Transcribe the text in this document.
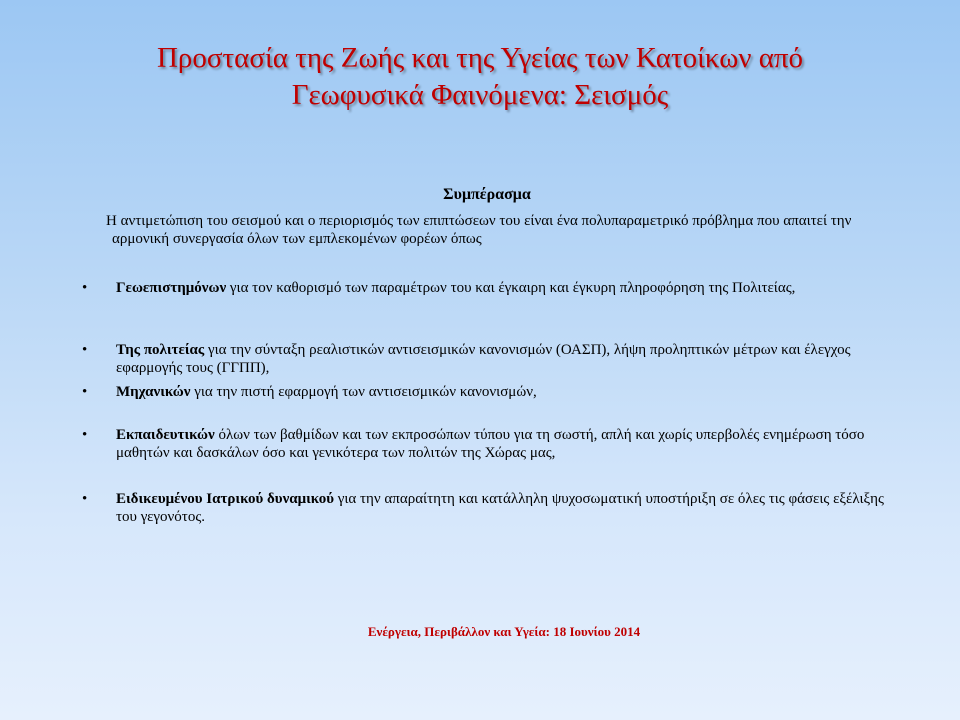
Προστασία της Ζωής και της Υγείας των Κατοίκων από
Γεωφυσικά Φαινόμενα: Σεισμός
Συμπέρασμα
Η αντιμετώπιση του σεισμού και ο περιορισμός των επιπτώσεων του είναι ένα πολυπαραμετρικό πρόβλημα που απαιτεί την αρμονική συνεργασία όλων των εμπλεκομένων φορέων όπως
•	Γεωεπιστημόνων για τον καθορισμό των παραμέτρων του και έγκαιρη και έγκυρη πληροφόρηση της Πολιτείας,
•	Της πολιτείας για την σύνταξη ρεαλιστικών αντισεισμικών κανονισμών (ΟΑΣΠ), λήψη προληπτικών μέτρων και έλεγχος εφαρμογής τους (ΓΓΠΠ),
•	Μηχανικών για την πιστή εφαρμογή των αντισεισμικών κανονισμών,
•	Εκπαιδευτικών όλων των βαθμίδων και των εκπροσώπων τύπου για τη σωστή, απλή και χωρίς υπερβολές ενημέρωση τόσο μαθητών και δασκάλων όσο και γενικότερα των πολιτών της Χώρας μας,
•	Ειδικευμένου Ιατρικού δυναμικού για την απαραίτητη και κατάλληλη ψυχοσωματική υποστήριξη σε όλες τις φάσεις εξέλιξης του γεγονότος.
Ενέργεια, Περιβάλλον και Υγεία: 18 Ιουνίου 2014
